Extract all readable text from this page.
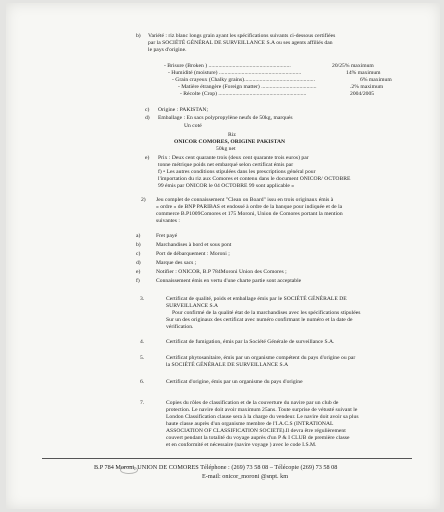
b) Variété : riz blanc longs grain ayant les spécifications suivants ci-dessous certifiées
par la SOCIÉTÉ GÉNÉRAL DE SURVEILLANCE S.A ou ses agents affiliés dan
le pays d'origine.
- Brisure (Broken ) ..........................................................	20/25% maximum
- Humidité (moisture) ..........................................................	14% maximum
- Grain crayeux (Chalky grains)..................................................	6% maximum
- Matière étrangère (Foreign matter) .......................................	.2% maximum
- Récolte (Crop) ..............................................................	2004/2005
c) Origine : PAKISTAN;
d) Emballage : En sacs polypropylène neufs de 50kg, marqués
Un coté
Riz
ONICOR COMORES, ORIGINE PAKISTAN
50kg net
e) Prix : Deux cent quarante trois (deux cent quarante trois euros) par
tonne métrique poids net embarqué selon certificat émis par
f) • Les autres conditions stipulées dans les prescriptions général pour
l'importation du riz aux Comores et contenu dans le document ONICOR/ OCTOBRE
99 émis par ONICOR le 04 OCTOBRE 99 sont applicable »
2) Jeu complet de connaissement "Clean on Board" issu en trois originaux émis à
« ordre » de BNP PARIBAS et endossé à ordre de la banque pour indiquée et de la
commerce B.P1009Comores et 175 Moroni, Union de Comores portant la mention
suivantes :
a)	Fret payé
b)	Marchandises à bord et sous pont
c)	Port de débarquement : Moroni ;
d)	Marque des sacs ;
e)	Notifier : ONICOR, B.P 784Moroni Union des Comores ;
f)	Connaissement émis en vertu d'une charte partie sont acceptable
3.	Certificat de qualité, poids et emballage émis par le SOCIÉTÉ GÉNÉRALE DE
SURVEILLANCE S.A
Pour confirmé de la qualité état de la marchandises avec les spécifications stipulées
Sur un des originaux des certificat avec numéro confirmant le numéro et la date de
vérification.
4.	Certificat de fumigation, émis par la Société Générale de surveillance S.A.
5.	Certificat phytosanitaire, émis par un organisme compétent du pays d'origine ou par
la SOCIÉTÉ GÉNÉRALE DE SURVEILLANCE S.A
6.	Certificat d'origine, émis par un organisme du pays d'origine
7.	Copies du rôles de classification et de la couverture du navire par un club de
protection. Le navire doit avoir maximum 25ans. Toute surprise de vétusté suivant le
London Classification clause sera à la charge du vendeur. Le navire doit avoir sa plus
haute classe auprès d'un organisme membre de l'I.A.C.S (INTRATIONAL
ASSOCIATION OF CLASSIFICATION SOCIETE).Il devra être régulièrement
couvert pendant la totalité du voyage auprès d'un P & I CLUB de première classe
et en conformité et nécessaire (navire voyage ) avec le code I.S.M.
B.P 784 Moroni, UNION DE COMORES Téléphone : (269) 73 58 08 – Télécopie (269) 73 58 08
E-mail: onicor_moroni @snpt. km
